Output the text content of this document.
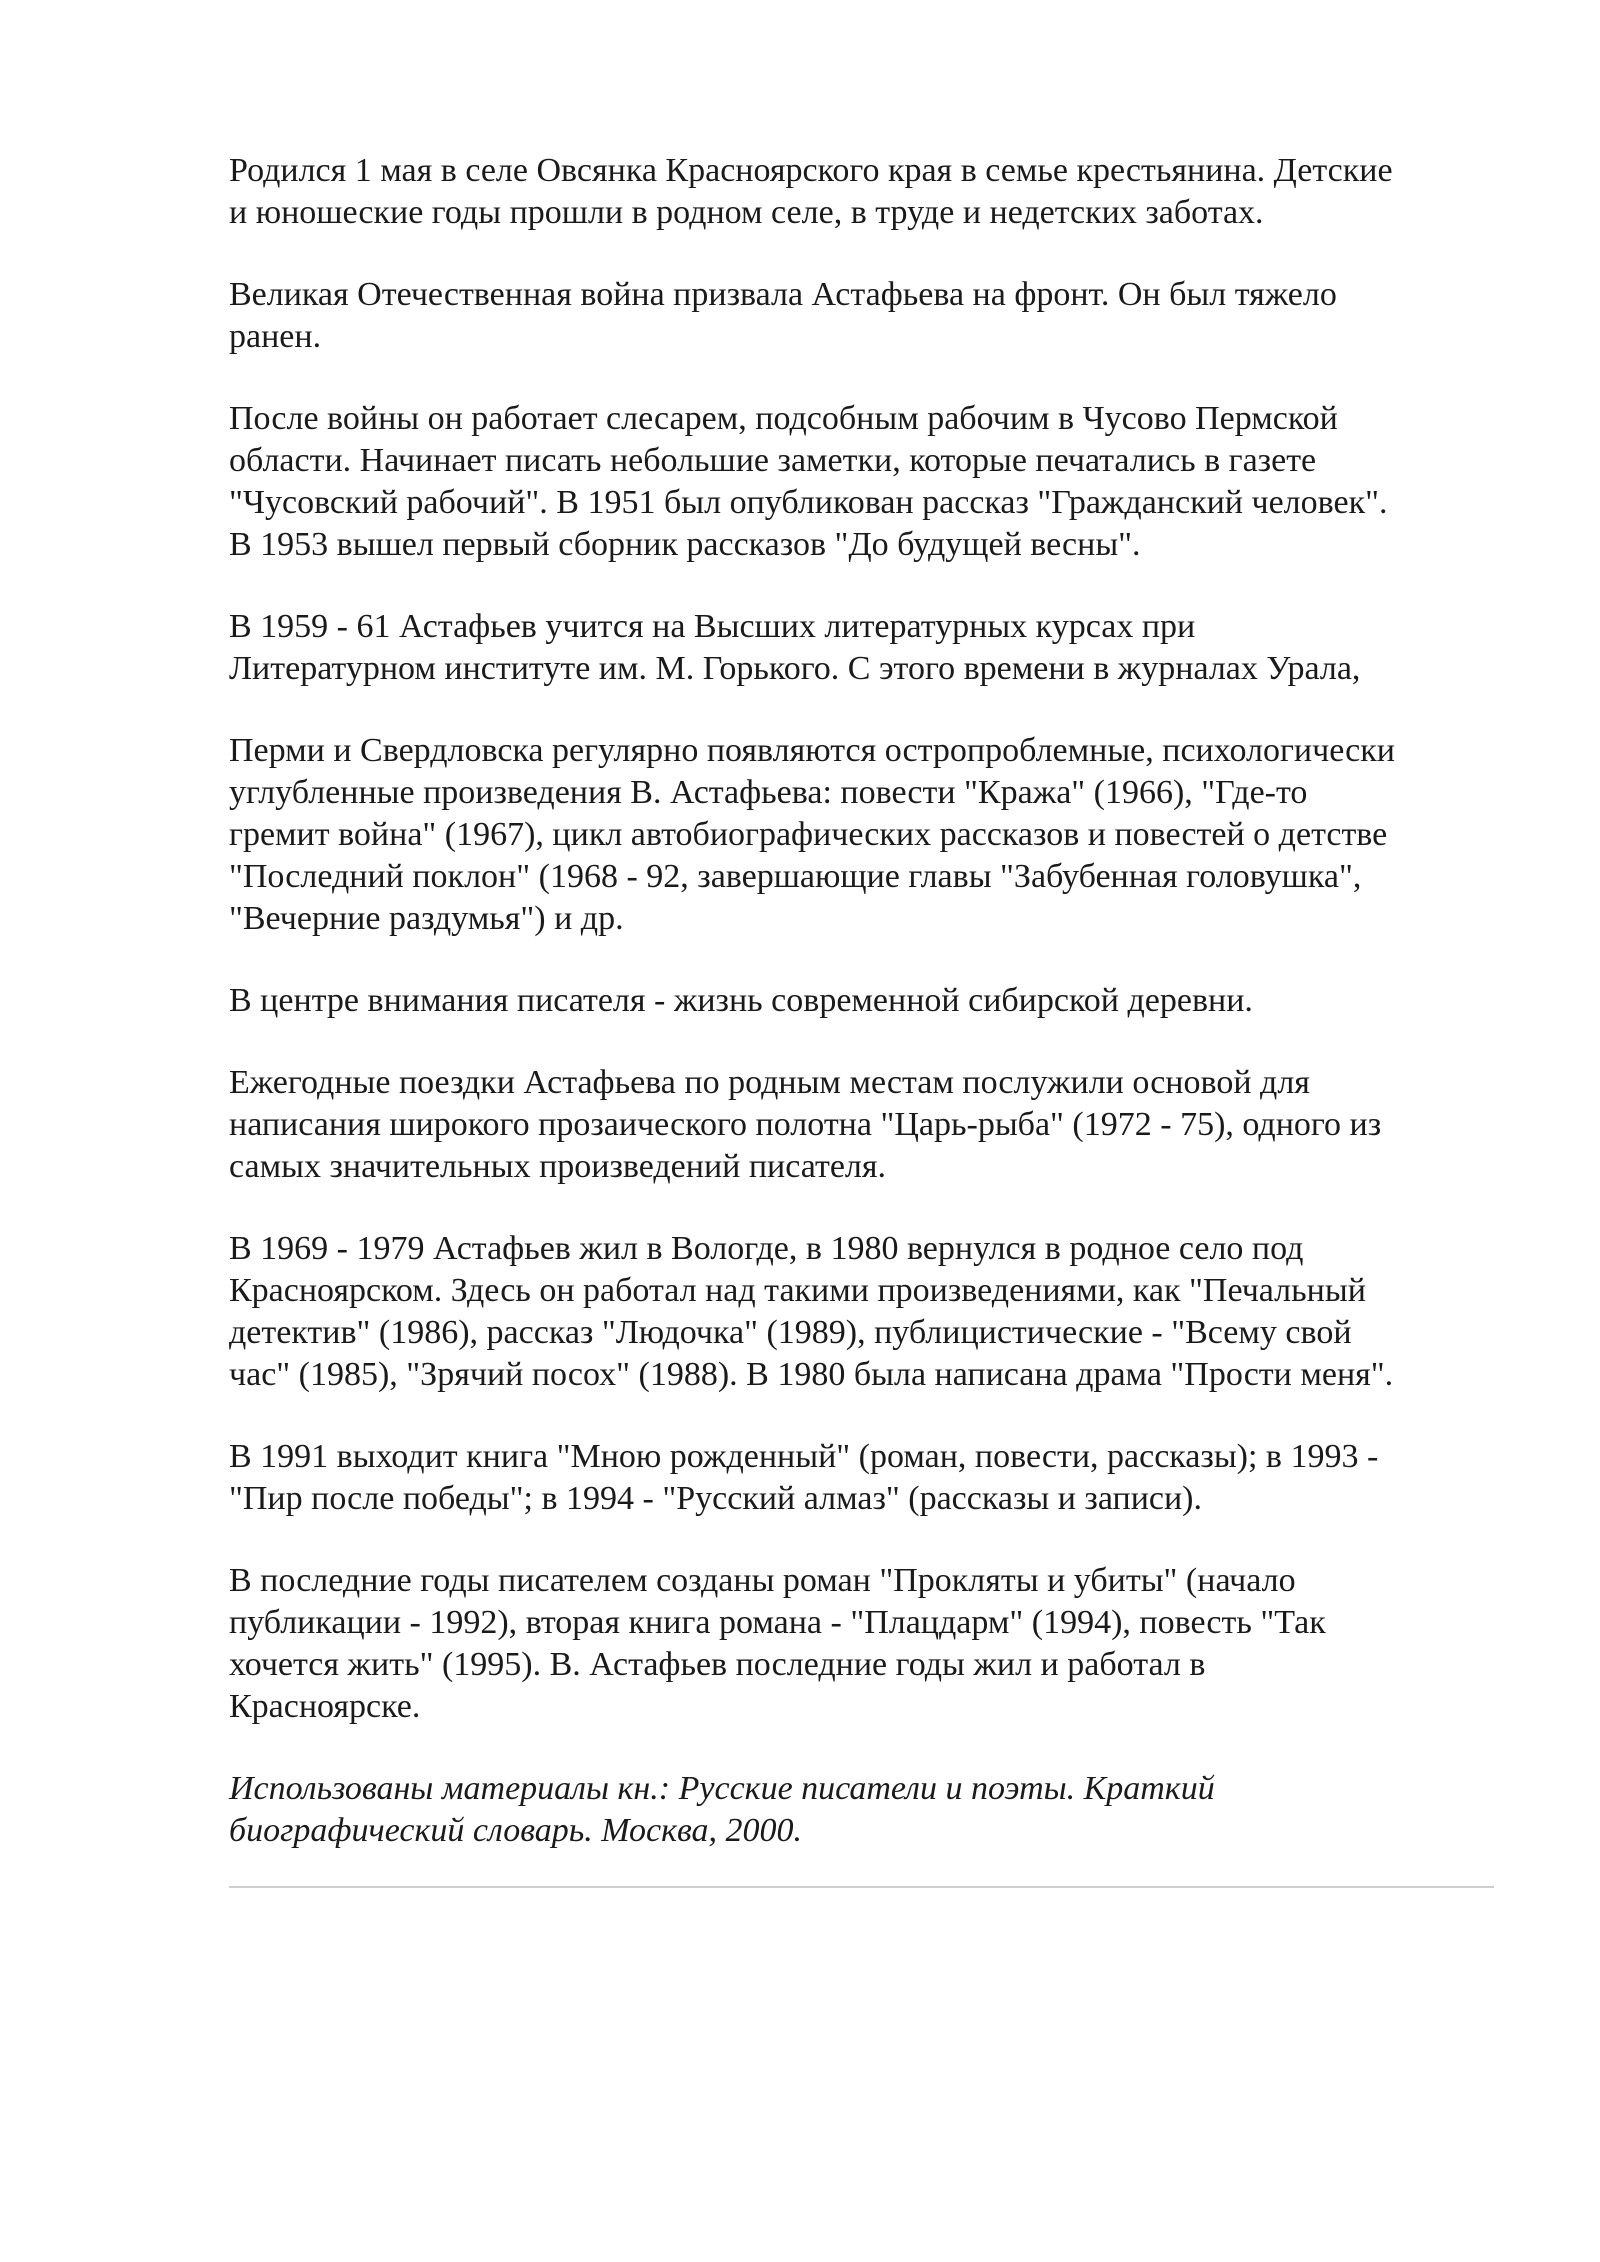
Родился 1 мая в селе Овсянка Красноярского края в семье крестьянина. Детские
и юношеские годы прошли в родном селе, в труде и недетских заботах.

Великая Отечественная война призвала Астафьева на фронт. Он был тяжело
ранен.

После войны он работает слесарем, подсобным рабочим в Чусово Пермской
области. Начинает писать небольшие заметки, которые печатались в газете
"Чусовский рабочий". В 1951 был опубликован рассказ "Гражданский человек".
В 1953 вышел первый сборник рассказов "До будущей весны".

В 1959 - 61 Астафьев учится на Высших литературных курсах при
Литературном институте им. М. Горького. С этого времени в журналах Урала,

Перми и Свердловска регулярно появляются остропроблемные, психологически
углубленные произведения В. Астафьева: повести "Кража" (1966), "Где-то
гремит война" (1967), цикл автобиографических рассказов и повестей о детстве
"Последний поклон" (1968 - 92, завершающие главы "Забубенная головушка",
"Вечерние раздумья") и др.

В центре внимания писателя - жизнь современной сибирской деревни.

Ежегодные поездки Астафьева по родным местам послужили основой для
написания широкого прозаического полотна "Царь-рыба" (1972 - 75), одного из
самых значительных произведений писателя.

В 1969 - 1979 Астафьев жил в Вологде, в 1980 вернулся в родное село под
Красноярском. Здесь он работал над такими произведениями, как "Печальный
детектив" (1986), рассказ "Людочка" (1989), публицистические - "Всему свой
час" (1985), "Зрячий посох" (1988). В 1980 была написана драма "Прости меня".

В 1991 выходит книга "Мною рожденный" (роман, повести, рассказы); в 1993 -
"Пир после победы"; в 1994 - "Русский алмаз" (рассказы и записи).

В последние годы писателем созданы роман "Прокляты и убиты" (начало
публикации - 1992), вторая книга романа - "Плацдарм" (1994), повесть "Так
хочется жить" (1995). В. Астафьев последние годы жил и работал в
Красноярске.

Использованы материалы кн.: Русские писатели и поэты. Краткий
биографический словарь. Москва, 2000.
